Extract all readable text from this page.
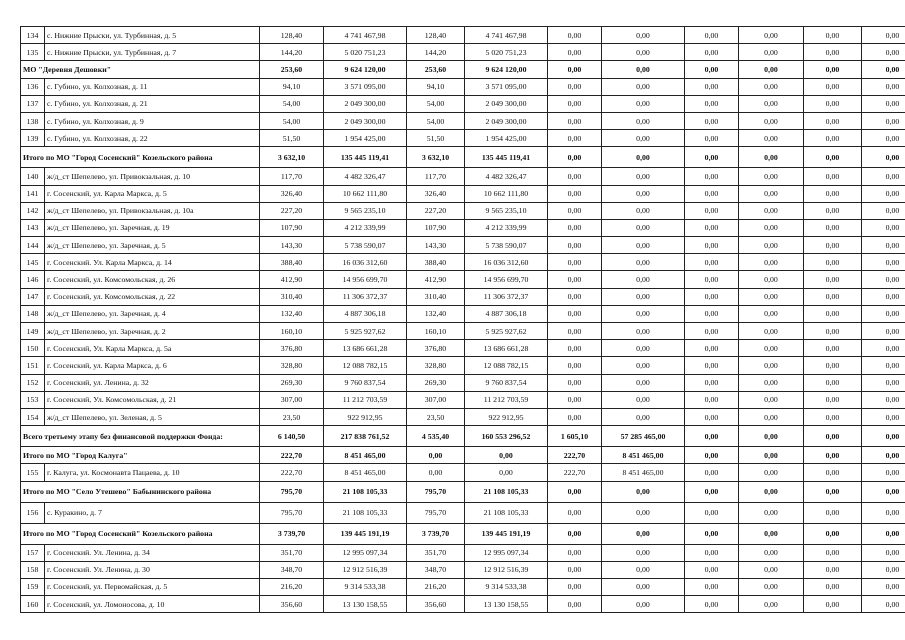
134	с. Нижние Прыски, ул. Турбинная, д. 5	128,40	4 741 467,98	128,40	4 741 467,98	0,00	0,00	0,00	0,00	0,00	0,00
135	с. Нижние Прыски, ул. Турбинная, д. 7	144,20	5 020 751,23	144,20	5 020 751,23	0,00	0,00	0,00	0,00	0,00	0,00
МО "Деревня Дешовки"		253,60	9 624 120,00	253,60	9 624 120,00	0,00	0,00	0,00	0,00	0,00	0,00
136	с. Губино, ул. Колхозная, д. 11	94,10	3 571 095,00	94,10	3 571 095,00	0,00	0,00	0,00	0,00	0,00	0,00
137	с. Губино, ул. Колхозная, д. 21	54,00	2 049 300,00	54,00	2 049 300,00	0,00	0,00	0,00	0,00	0,00	0,00
138	с. Губино, ул. Колхозная, д. 9	54,00	2 049 300,00	54,00	2 049 300,00	0,00	0,00	0,00	0,00	0,00	0,00
139	с. Губино, ул. Колхозная, д. 22	51,50	1 954 425,00	51,50	1 954 425,00	0,00	0,00	0,00	0,00	0,00	0,00
Итого по МО "Город Сосенский" Козельского района		3 632,10	135 445 119,41	3 632,10	135 445 119,41	0,00	0,00	0,00	0,00	0,00	0,00
140	ж/д_ст Шепелево, ул. Привокзальная, д. 10	117,70	4 482 326,47	117,70	4 482 326,47	0,00	0,00	0,00	0,00	0,00	0,00
141	г. Сосенский, ул. Карла Маркса, д. 5	326,40	10 662 111,80	326,40	10 662 111,80	0,00	0,00	0,00	0,00	0,00	0,00
142	ж/д_ст Шепелево, ул. Привокзальная, д. 10а	227,20	9 565 235,10	227,20	9 565 235,10	0,00	0,00	0,00	0,00	0,00	0,00
143	ж/д_ст Шепелево, ул. Заречная, д. 19	107,90	4 212 339,99	107,90	4 212 339,99	0,00	0,00	0,00	0,00	0,00	0,00
144	ж/д_ст Шепелево, ул. Заречная, д. 5	143,30	5 738 590,07	143,30	5 738 590,07	0,00	0,00	0,00	0,00	0,00	0,00
145	г. Сосенский. Ул. Карла Маркса, д. 14	388,40	16 036 312,60	388,40	16 036 312,60	0,00	0,00	0,00	0,00	0,00	0,00
146	г. Сосенский, ул. Комсомольская, д. 26	412,90	14 956 699,70	412,90	14 956 699,70	0,00	0,00	0,00	0,00	0,00	0,00
147	г. Сосенский, ул. Комсомольская, д. 22	310,40	11 306 372,37	310,40	11 306 372,37	0,00	0,00	0,00	0,00	0,00	0,00
148	ж/д_ст Шепелево, ул. Заречная, д. 4	132,40	4 887 306,18	132,40	4 887 306,18	0,00	0,00	0,00	0,00	0,00	0,00
149	ж/д_ст Шепелево, ул. Заречная, д. 2	160,10	5 925 927,62	160,10	5 925 927,62	0,00	0,00	0,00	0,00	0,00	0,00
150	г. Сосенский, Ул. Карла Маркса, д. 5а	376,80	13 686 661,28	376,80	13 686 661,28	0,00	0,00	0,00	0,00	0,00	0,00
151	г. Сосенский, ул. Карла Маркса, д. 6	328,80	12 088 782,15	328,80	12 088 782,15	0,00	0,00	0,00	0,00	0,00	0,00
152	г. Сосенский, ул. Ленина, д. 32	269,30	9 760 837,54	269,30	9 760 837,54	0,00	0,00	0,00	0,00	0,00	0,00
153	г. Сосенский, Ул. Комсомольская, д. 21	307,00	11 212 703,59	307,00	11 212 703,59	0,00	0,00	0,00	0,00	0,00	0,00
154	ж/д_ст Шепелево, ул. Зеленая, д. 5	23,50	922 912,95	23,50	922 912,95	0,00	0,00	0,00	0,00	0,00	0,00
Всего третьему этапу без финансовой поддержки Фонда:		6 140,50	217 838 761,52	4 535,40	160 553 296,52	1 605,10	57 285 465,00	0,00	0,00	0,00	0,00
Итого по МО "Город Калуга"		222,70	8 451 465,00	0,00	0,00	222,70	8 451 465,00	0,00	0,00	0,00	0,00
155	г. Калуга, ул. Космонавта Пацаева, д. 10	222,70	8 451 465,00	0,00	0,00	222,70	8 451 465,00	0,00	0,00	0,00	0,00
Итого по МО "Село Утешево" Бабынинского района		795,70	21 108 105,33	795,70	21 108 105,33	0,00	0,00	0,00	0,00	0,00	0,00
156	с. Куракино, д. 7	795,70	21 108 105,33	795,70	21 108 105,33	0,00	0,00	0,00	0,00	0,00	0,00
Итого по МО "Город Сосенский" Козельского района		3 739,70	139 445 191,19	3 739,70	139 445 191,19	0,00	0,00	0,00	0,00	0,00	0,00
157	г. Сосенский. Ул. Ленина, д. 34	351,70	12 995 097,34	351,70	12 995 097,34	0,00	0,00	0,00	0,00	0,00	0,00
158	г. Сосенский. Ул. Ленина, д. 30	348,70	12 912 516,39	348,70	12 912 516,39	0,00	0,00	0,00	0,00	0,00	0,00
159	г. Сосенский, ул. Первомайская, д. 5	216,20	9 314 533,38	216,20	9 314 533,38	0,00	0,00	0,00	0,00	0,00	0,00
160	г. Сосенский, ул. Ломоносова, д. 10	356,60	13 130 158,55	356,60	13 130 158,55	0,00	0,00	0,00	0,00	0,00	0,00
